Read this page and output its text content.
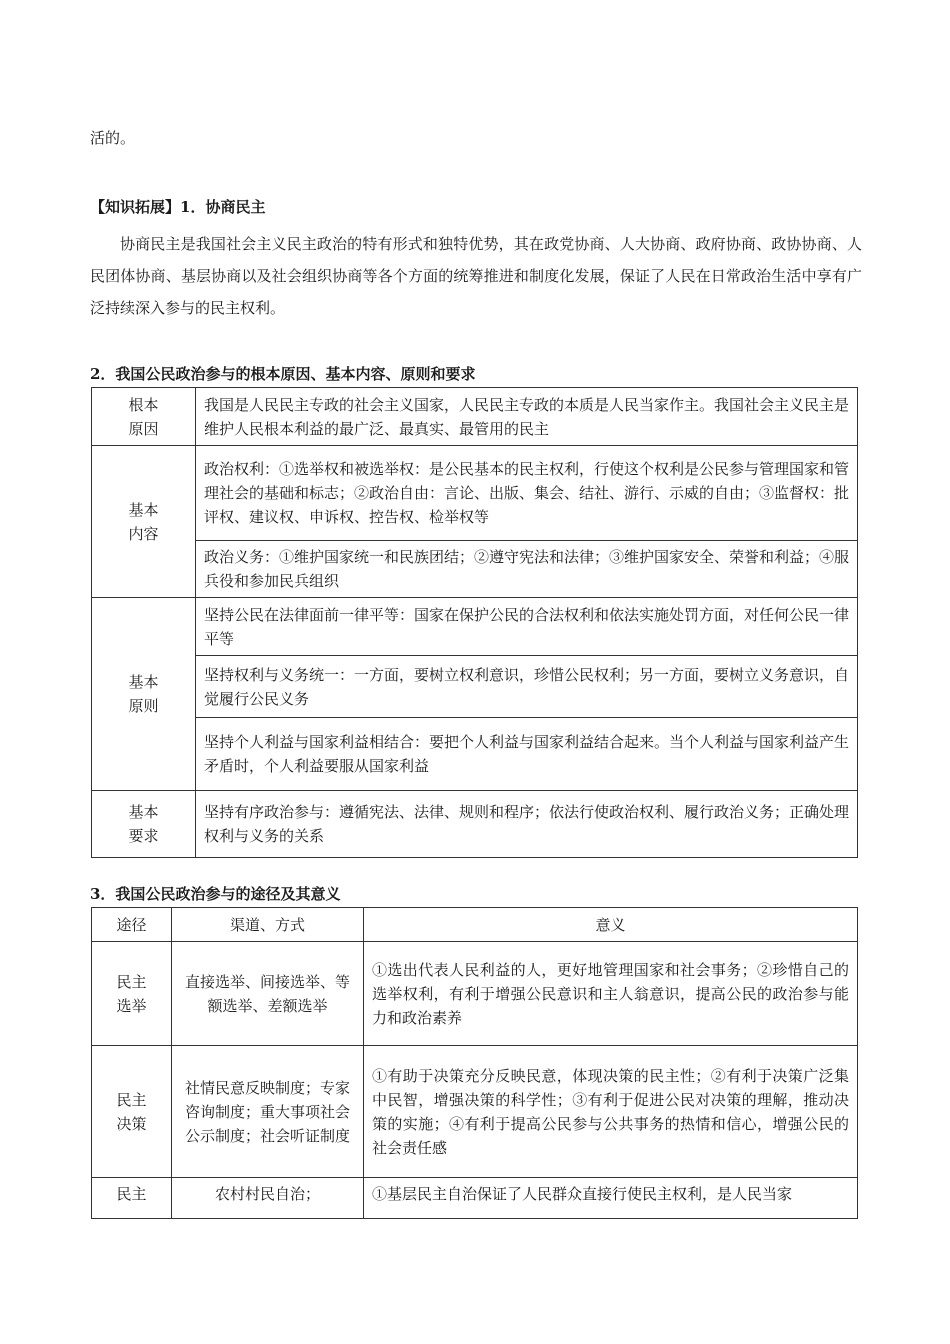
活的。
【知识拓展】1．协商民主
协商民主是我国社会主义民主政治的特有形式和独特优势，其在政党协商、人大协商、政府协商、政协协商、人民团体协商、基层协商以及社会组织协商等各个方面的统筹推进和制度化发展，保证了人民在日常政治生活中享有广泛持续深入参与的民主权利。
2．我国公民政治参与的根本原因、基本内容、原则和要求
根本
原因	我国是人民民主专政的社会主义国家，人民民主专政的本质是人民当家作主。我国社会主义民主是维护人民根本利益的最广泛、最真实、最管用的民主

基本
内容	政治权利：①选举权和被选举权：是公民基本的民主权利，行使这个权利是公民参与管理国家和管理社会的基础和标志；②政治自由：言论、出版、集会、结社、游行、示威的自由；③监督权：批评权、建议权、申诉权、控告权、检举权等
	政治义务：①维护国家统一和民族团结；②遵守宪法和法律；③维护国家安全、荣誉和利益；④服兵役和参加民兵组织

基本
原则	坚持公民在法律面前一律平等：国家在保护公民的合法权利和依法实施处罚方面，对任何公民一律平等
	坚持权利与义务统一：一方面，要树立权利意识，珍惜公民权利；另一方面，要树立义务意识，自觉履行公民义务
	坚持个人利益与国家利益相结合：要把个人利益与国家利益结合起来。当个人利益与国家利益产生矛盾时，个人利益要服从国家利益

基本
要求	坚持有序政治参与：遵循宪法、法律、规则和程序；依法行使政治权利、履行政治义务；正确处理权利与义务的关系
3．我国公民政治参与的途径及其意义
途径	渠道、方式	意义

民主
选举	直接选举、间接选举、等额选举、差额选举	①选出代表人民利益的人，更好地管理国家和社会事务；②珍惜自己的选举权利，有利于增强公民意识和主人翁意识，提高公民的政治参与能力和政治素养

民主
决策	社情民意反映制度；专家咨询制度；重大事项社会公示制度；社会听证制度	①有助于决策充分反映民意，体现决策的民主性；②有利于决策广泛集中民智，增强决策的科学性；③有利于促进公民对决策的理解，推动决策的实施；④有利于提高公民参与公共事务的热情和信心，增强公民的社会责任感
民主	农村村民自治；	①基层民主自治保证了人民群众直接行使民主权利，是人民当家
